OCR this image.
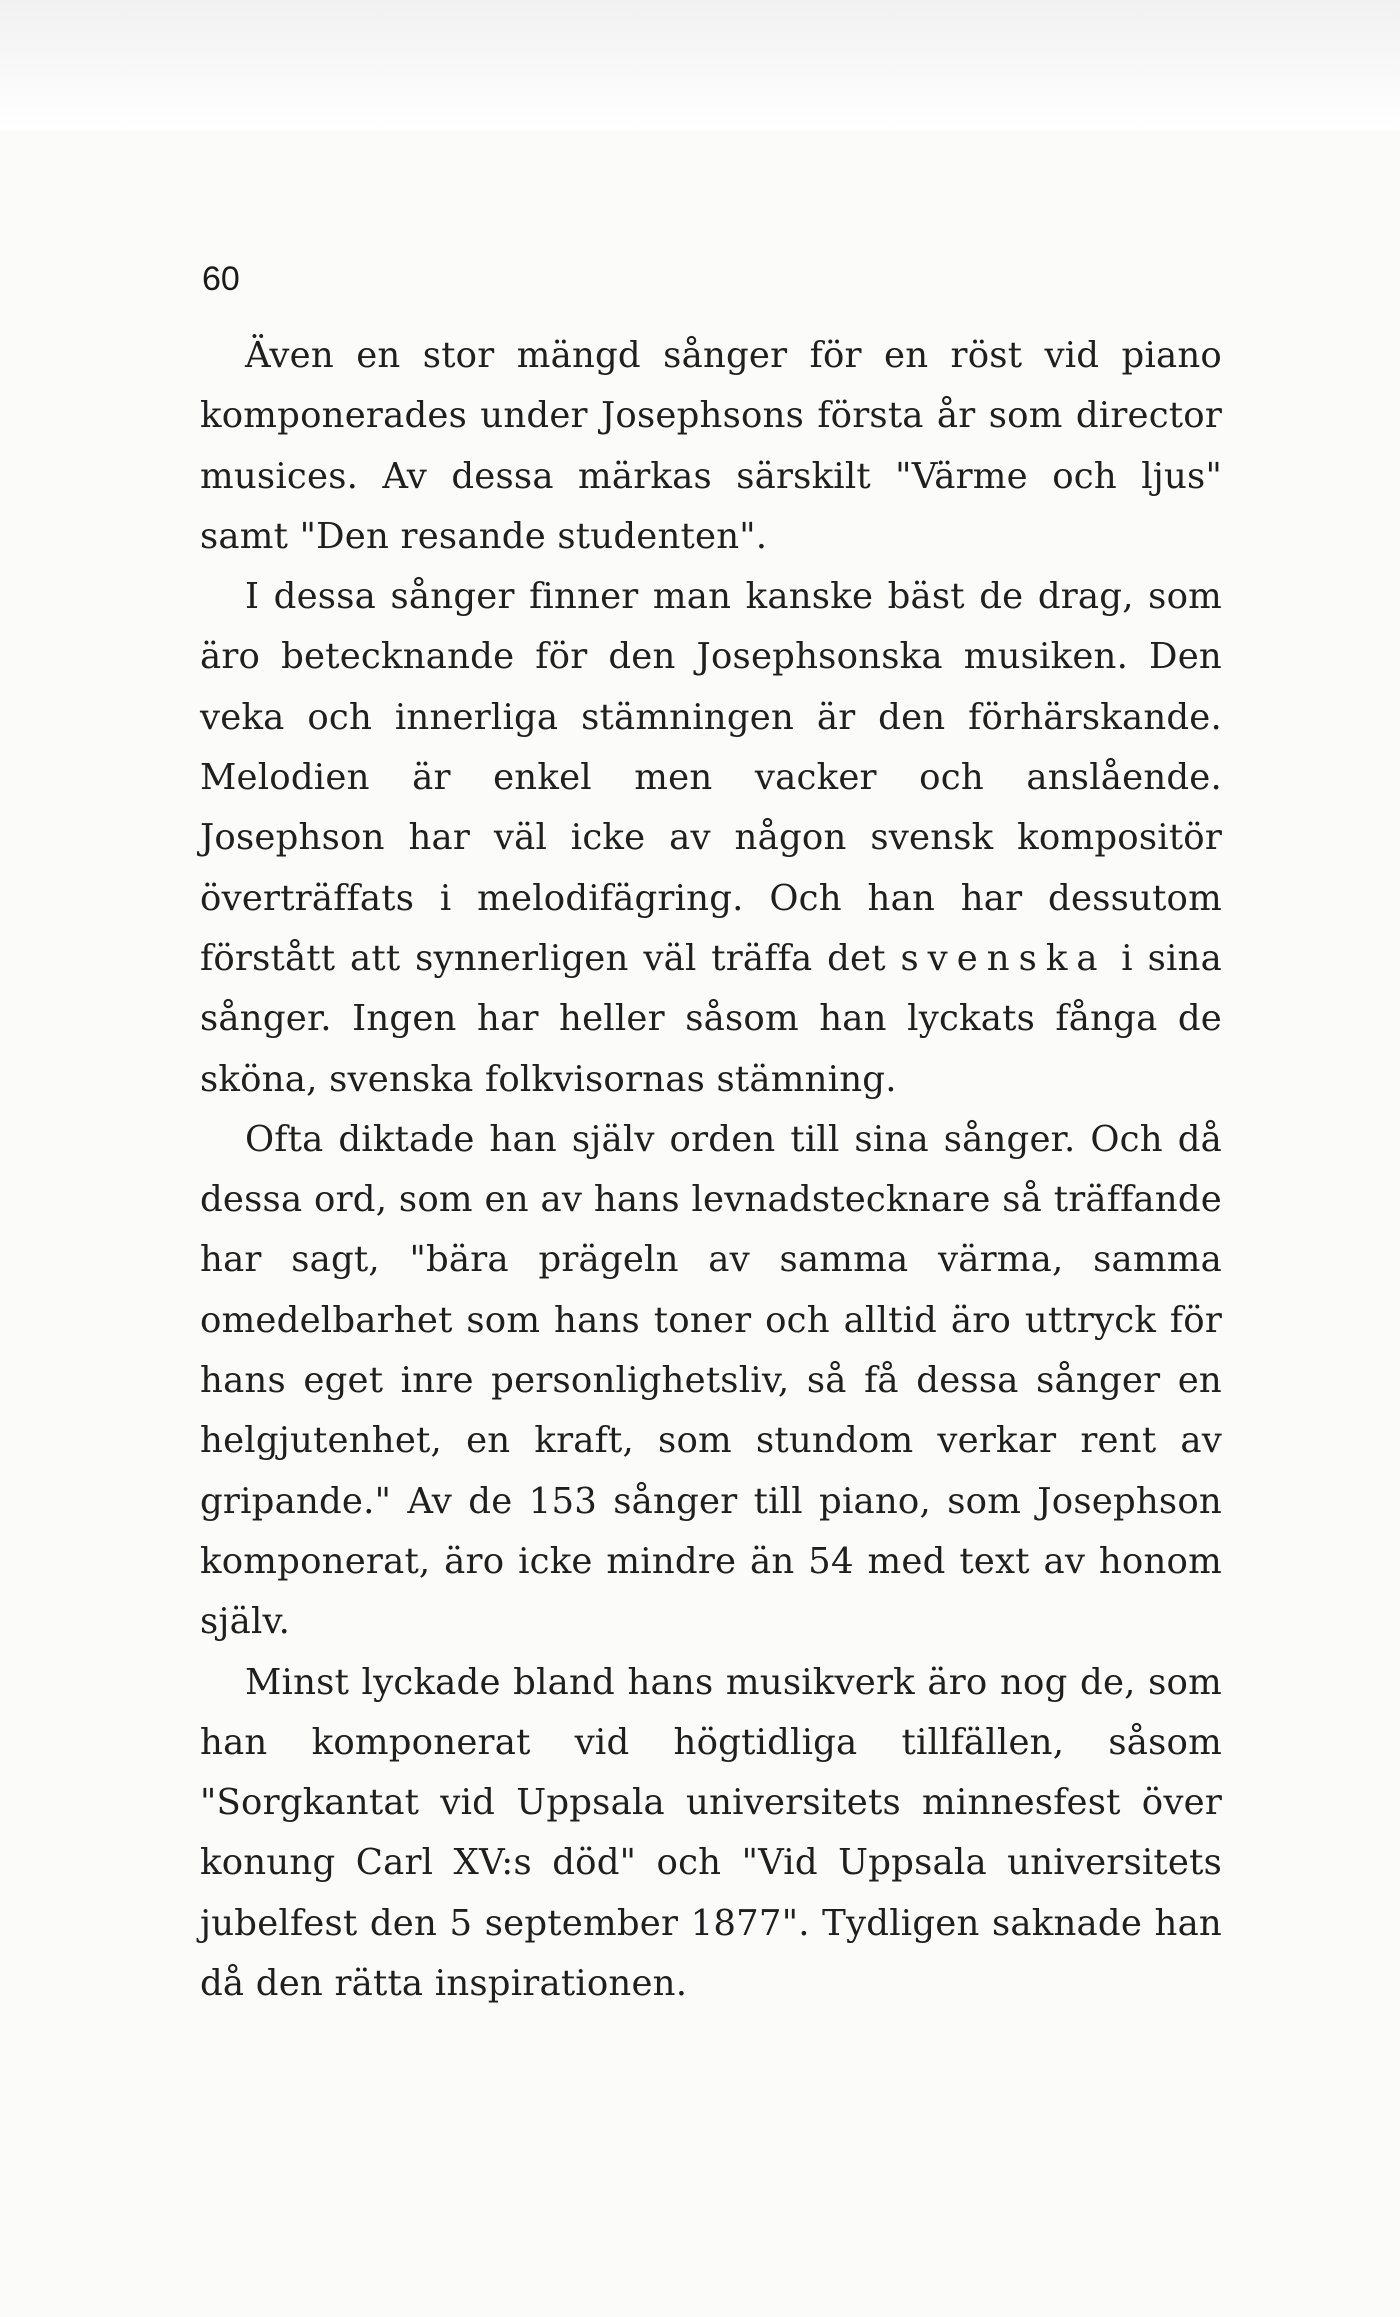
60

Även en stor mängd sånger för en röst vid piano komponerades under Josephsons första år som director musices. Av dessa märkas särskilt "Värme och ljus" samt "Den resande studenten".

I dessa sånger finner man kanske bäst de drag, som äro betecknande för den Josephsonska musiken. Den veka och innerliga stämningen är den förhärskande. Melodien är enkel men vacker och anslående. Josephson har väl icke av någon svensk kompositör överträffats i melodifägring. Och han har dessutom förstått att synnerligen väl träffa det svenska i sina sånger. Ingen har heller såsom han lyckats fånga de sköna, svenska folkvisornas stämning.

Ofta diktade han själv orden till sina sånger. Och då dessa ord, som en av hans levnadstecknare så träffande har sagt, "bära prägeln av samma värma, samma omedelbarhet som hans toner och alltid äro uttryck för hans eget inre personlighetsliv, så få dessa sånger en helgjutenhet, en kraft, som stundom verkar rent av gripande." Av de 153 sånger till piano, som Josephson komponerat, äro icke mindre än 54 med text av honom själv.

Minst lyckade bland hans musikverk äro nog de, som han komponerat vid högtidliga tillfällen, såsom "Sorgkantat vid Uppsala universitets minnesfest över konung Carl XV:s död" och "Vid Uppsala universitets jubelfest den 5 september 1877". Tydligen saknade han då den rätta inspirationen.
